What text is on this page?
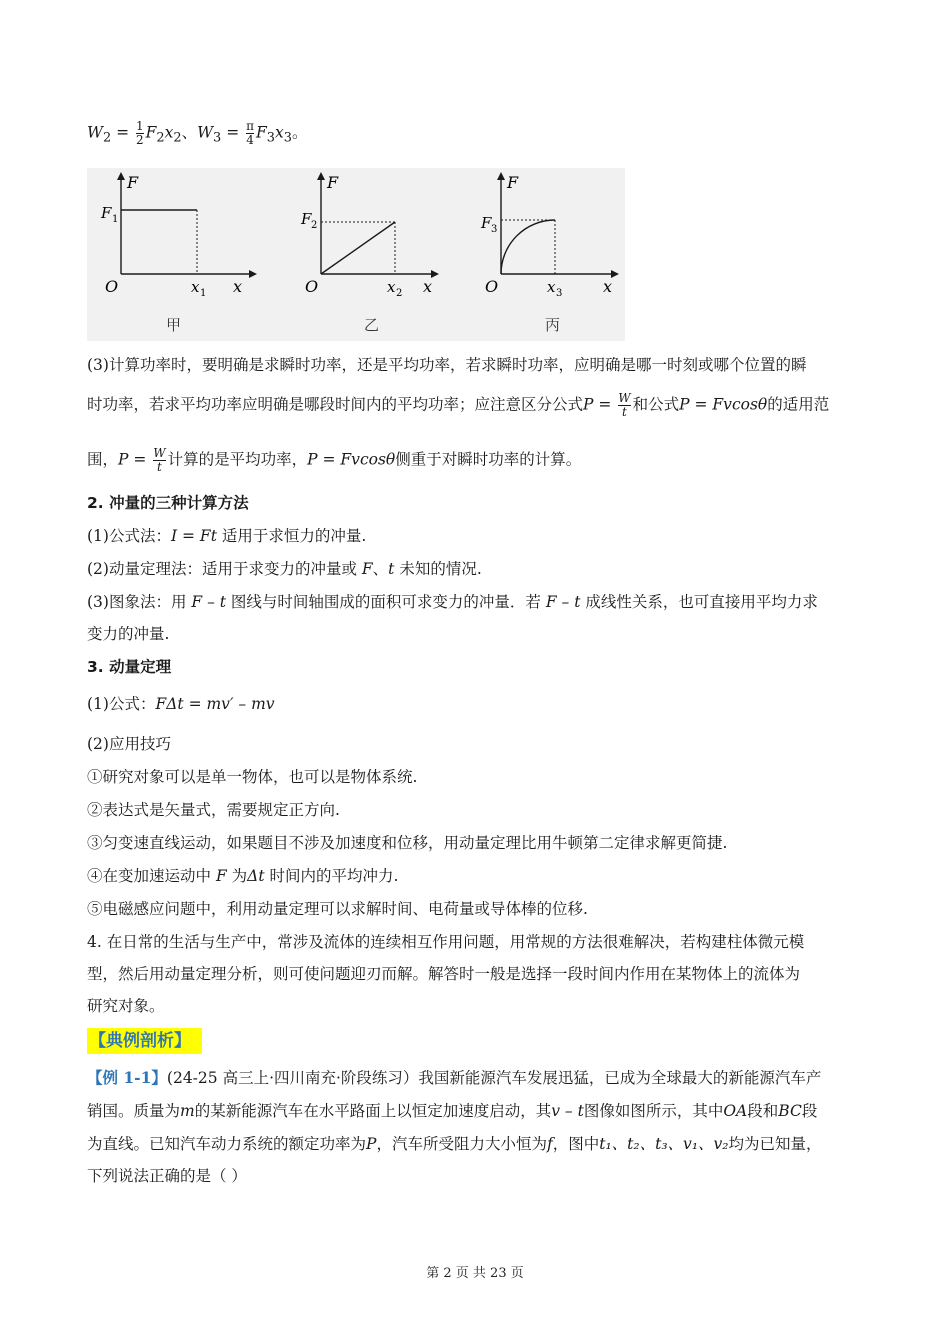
$W_2 = \frac{1}{2} F_2x_2$、$W_3 = \frac{\pi}{4} F_3x_3$。
F
F 1
O	x 1 x
甲
F
F 2
O	x 2 x
乙
F
F 3
O	x 3	x
丙
(3)计算功率时，要明确是求瞬时功率，还是平均功率，若求瞬时功率，应明确是哪一时刻或哪个位置的瞬
时功率，若求平均功率应明确是哪段时间内的平均功率；应注意区分公式$P = \frac{W}{t}$ 和公式P = Fvcosθ的适用范
围，$P = \frac{W}{t}$ 计算的是平均功率，P = Fvcosθ侧重于对瞬时功率的计算。
2. 冲量的三种计算方法
(1)公式法：I = Ft 适用于求恒力的冲量.
(2)动量定理法：适用于求变力的冲量或 F、t 未知的情况.
(3)图象法：用 F – t 图线与时间轴围成的面积可求变力的冲量．若 F – t 成线性关系，也可直接用平均力求
变力的冲量.
3. 动量定理
(1)公式：FΔt = mv′ – mv
(2)应用技巧
①研究对象可以是单一物体，也可以是物体系统.
②表达式是矢量式，需要规定正方向.
③匀变速直线运动，如果题目不涉及加速度和位移，用动量定理比用牛顿第二定律求解更简捷.
④在变加速运动中 F 为Δt 时间内的平均冲力.
⑤电磁感应问题中，利用动量定理可以求解时间、电荷量或导体棒的位移.
4. 在日常的生活与生产中，常涉及流体的连续相互作用问题，用常规的方法很难解决，若构建柱体微元模
型，然后用动量定理分析，则可使问题迎刃而解。解答时一般是选择一段时间内作用在某物体上的流体为
研究对象。
【典例剖析】
【例 1-1】(24-25 高三上·四川南充·阶段练习）我国新能源汽车发展迅猛，已成为全球最大的新能源汽车产
销国。质量为m的某新能源汽车在水平路面上以恒定加速度启动，其v – t图像如图所示，其中OA段和BC段
为直线。已知汽车动力系统的额定功率为P，汽车所受阻力大小恒为f，图中t₁、t₂、t₃、v₁、v₂均为已知量，
下列说法正确的是（ ）
第 2 页 共 23 页
